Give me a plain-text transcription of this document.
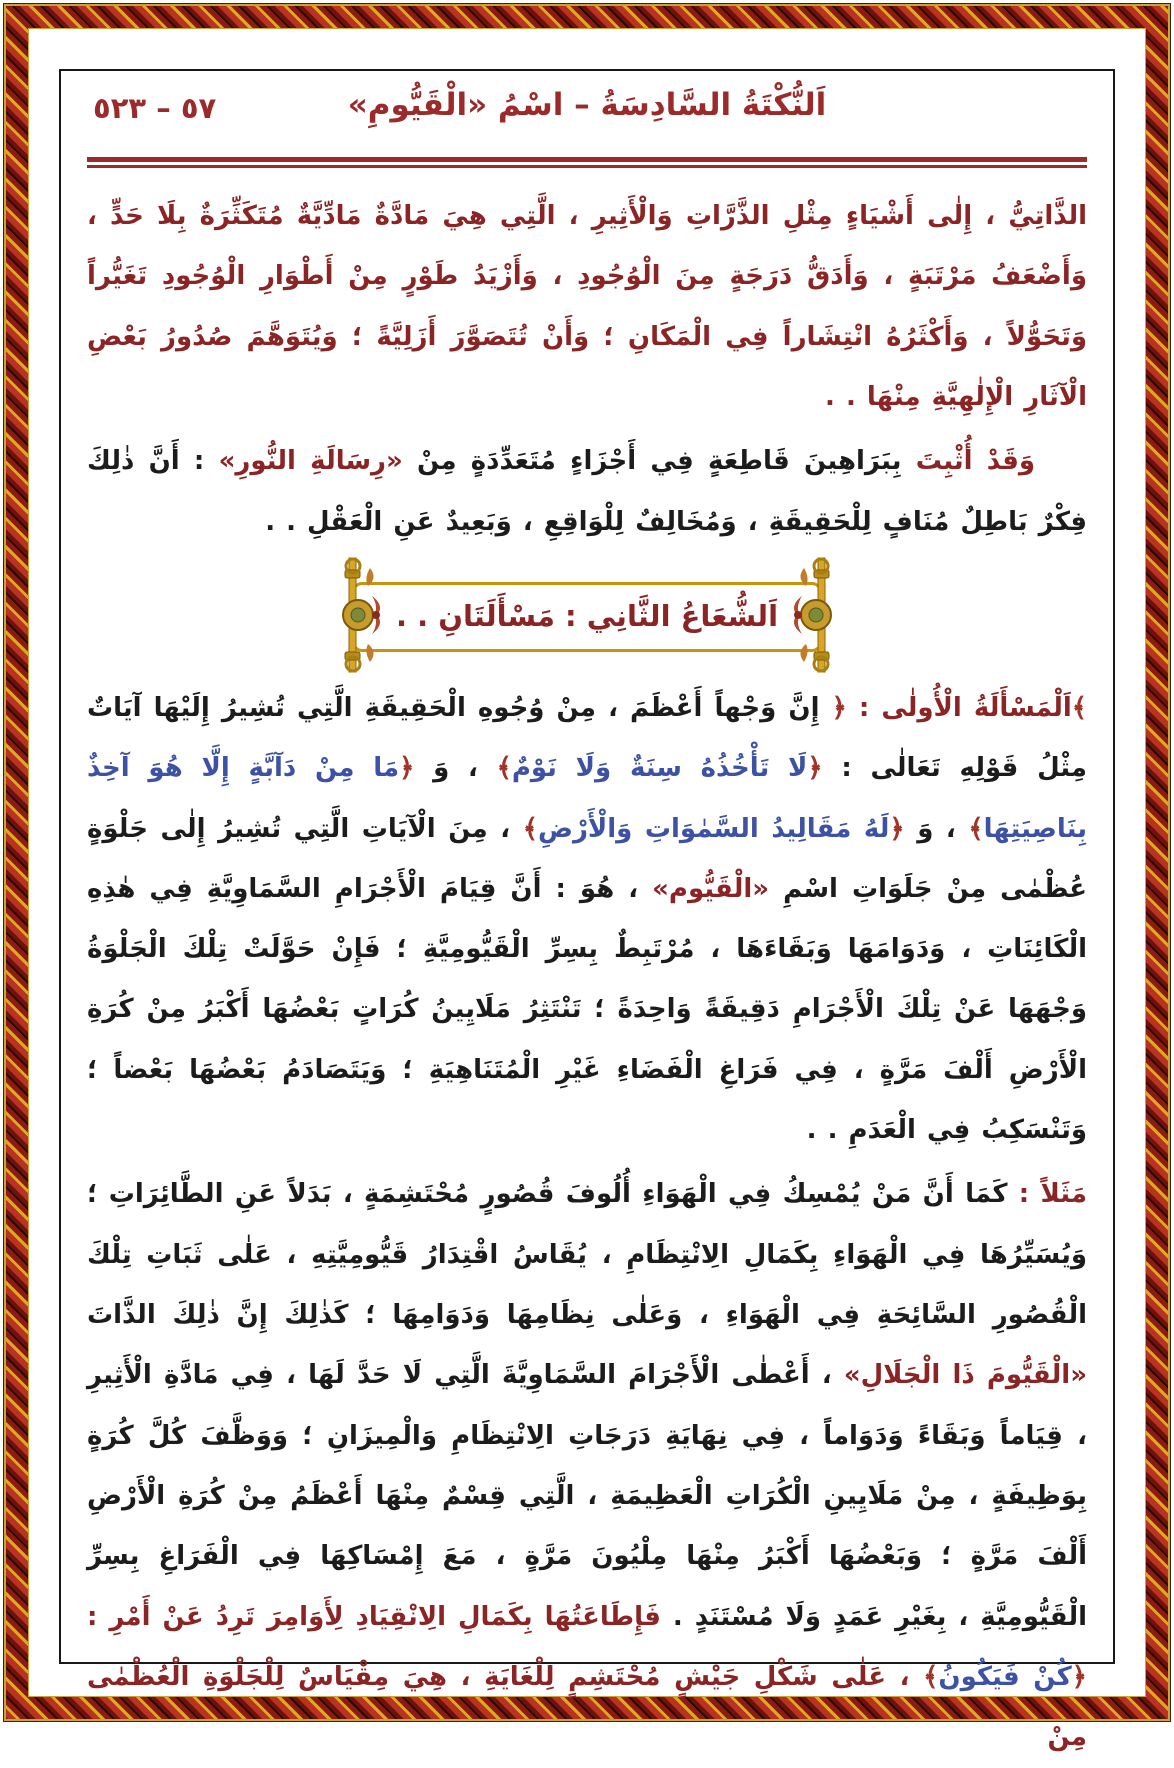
٥٧ – ٥٢٣	اَلنُّكْتَةُ السَّادِسَةُ – اسْمُ «الْقَيُّومِ»
الذَّاتِيُّ ، إِلٰى أَشْيَاءٍ مِثْلِ الذَّرَّاتِ وَالْأَثِيرِ ، الَّتِي هِيَ مَادَّةٌ مَادِّيَّةٌ مُتَكَثِّرَةٌ بِلَا حَدٍّ ، وَأَضْعَفُ مَرْتَبَةٍ ، وَأَدَقُّ دَرَجَةٍ مِنَ الْوُجُودِ ، وَأَزْيَدُ طَوْرٍ مِنْ أَطْوَارِ الْوُجُودِ تَغَيُّراً وَتَحَوُّلاً ، وَأَكْثَرُهُ انْتِشَاراً فِي الْمَكَانِ ؛ وَأَنْ تُتَصَوَّرَ أَزَلِيَّةً ؛ وَيُتَوَهَّمَ صُدُورُ بَعْضِ الْآثَارِ الْإِلٰهِيَّةِ مِنْهَا . .
وَقَدْ أُثْبِتَ بِبَرَاهِينَ قَاطِعَةٍ فِي أَجْزَاءٍ مُتَعَدِّدَةٍ مِنْ «رِسَالَةِ النُّورِ» : أَنَّ ذٰلِكَ فِكْرٌ بَاطِلٌ مُنَافٍ لِلْحَقِيقَةِ ، وَمُخَالِفٌ لِلْوَاقِعِ ، وَبَعِيدٌ عَنِ الْعَقْلِ . .
اَلشُّعَاعُ الثَّانِي : مَسْأَلَتَانِ . .
﴾اَلْمَسْأَلَةُ الْأُولٰى : ﴿ إِنَّ وَجْهاً أَعْظَمَ ، مِنْ وُجُوهِ الْحَقِيقَةِ الَّتِي تُشِيرُ إِلَيْهَا آيَاتٌ مِثْلُ قَوْلِهِ تَعَالٰى : ﴿لَا تَأْخُذُهُ سِنَةٌ وَلَا نَوْمٌ﴾ ، وَ ﴿مَا مِنْ دَآبَّةٍ إِلَّا هُوَ آخِذٌ بِنَاصِيَتِهَا﴾ ، وَ ﴿لَهُ مَقَالِيدُ السَّمٰوَاتِ وَالْأَرْضِ﴾ ، مِنَ الْآيَاتِ الَّتِي تُشِيرُ إِلٰى جَلْوَةٍ عُظْمٰى مِنْ جَلَوَاتِ اسْمِ «الْقَيُّوم» ، هُوَ : أَنَّ قِيَامَ الْأَجْرَامِ السَّمَاوِيَّةِ فِي هٰذِهِ الْكَائِنَاتِ ، وَدَوَامَهَا وَبَقَاءَهَا ، مُرْتَبِطٌ بِسِرِّ الْقَيُّومِيَّةِ ؛ فَإِنْ حَوَّلَتْ تِلْكَ الْجَلْوَةُ وَجْهَهَا عَنْ تِلْكَ الْأَجْرَامِ دَقِيقَةً وَاحِدَةً ؛ تَنْتَثِرُ مَلَايِينُ كُرَاتٍ بَعْضُهَا أَكْبَرُ مِنْ كُرَةِ الْأَرْضِ أَلْفَ مَرَّةٍ ، فِي فَرَاغِ الْفَضَاءِ غَيْرِ الْمُتَنَاهِيَةِ ؛ وَيَتَصَادَمُ بَعْضُهَا بَعْضاً ؛ وَتَنْسَكِبُ فِي الْعَدَمِ . .
مَثَلاً : كَمَا أَنَّ مَنْ يُمْسِكُ فِي الْهَوَاءِ أُلُوفَ قُصُورٍ مُحْتَشِمَةٍ ، بَدَلاً عَنِ الطَّائِرَاتِ ؛ وَيُسَيِّرُهَا فِي الْهَوَاءِ بِكَمَالِ الِانْتِظَامِ ، يُقَاسُ اقْتِدَارُ قَيُّومِيَّتِهِ ، عَلٰى ثَبَاتِ تِلْكَ الْقُصُورِ السَّائِحَةِ فِي الْهَوَاءِ ، وَعَلٰى نِظَامِهَا وَدَوَامِهَا ؛ كَذٰلِكَ إِنَّ ذٰلِكَ الذَّاتَ «الْقَيُّومَ ذَا الْجَلَالِ» ، أَعْطٰى الْأَجْرَامَ السَّمَاوِيَّةَ الَّتِي لَا حَدَّ لَهَا ، فِي مَادَّةِ الْأَثِيرِ ، قِيَاماً وَبَقَاءً وَدَوَاماً ، فِي نِهَايَةِ دَرَجَاتِ الِانْتِظَامِ وَالْمِيزَانِ ؛ وَوَظَّفَ كُلَّ كُرَةٍ بِوَظِيفَةٍ ، مِنْ مَلَايِينِ الْكُرَاتِ الْعَظِيمَةِ ، الَّتِي قِسْمٌ مِنْهَا أَعْظَمُ مِنْ كُرَةِ الْأَرْضِ أَلْفَ مَرَّةٍ ؛ وَبَعْضُهَا أَكْبَرُ مِنْهَا مِلْيُونَ مَرَّةٍ ، مَعَ إِمْسَاكِهَا فِي الْفَرَاغِ بِسِرِّ الْقَيُّومِيَّةِ ، بِغَيْرِ عَمَدٍ وَلَا مُسْتَنَدٍ . فَإِطَاعَتُهَا بِكَمَالِ الِانْقِيَادِ لِأَوَامِرَ تَرِدُ عَنْ أَمْرِ : ﴿كُنْ فَيَكُونُ﴾ ، عَلٰى شَكْلِ جَيْشٍ مُحْتَشِمٍ لِلْغَايَةِ ، هِيَ مِقْيَاسٌ لِلْجَلْوَةِ الْعُظْمٰى مِنْ
